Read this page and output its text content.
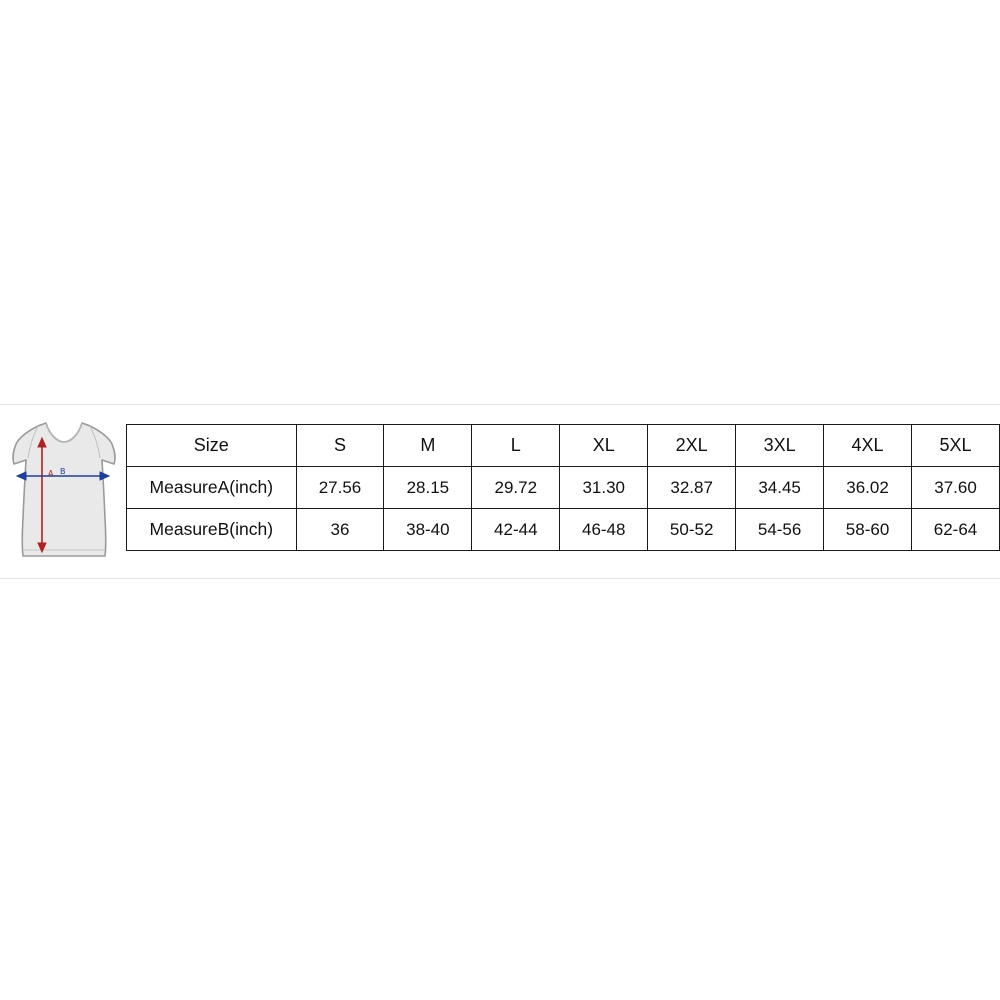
A B
Size	S	M	L	XL	2XL	3XL	4XL	5XL
MeasureA(inch)	27.56	28.15	29.72	31.30	32.87	34.45	36.02	37.60
MeasureB(inch)	36	38-40	42-44	46-48	50-52	54-56	58-60	62-64
